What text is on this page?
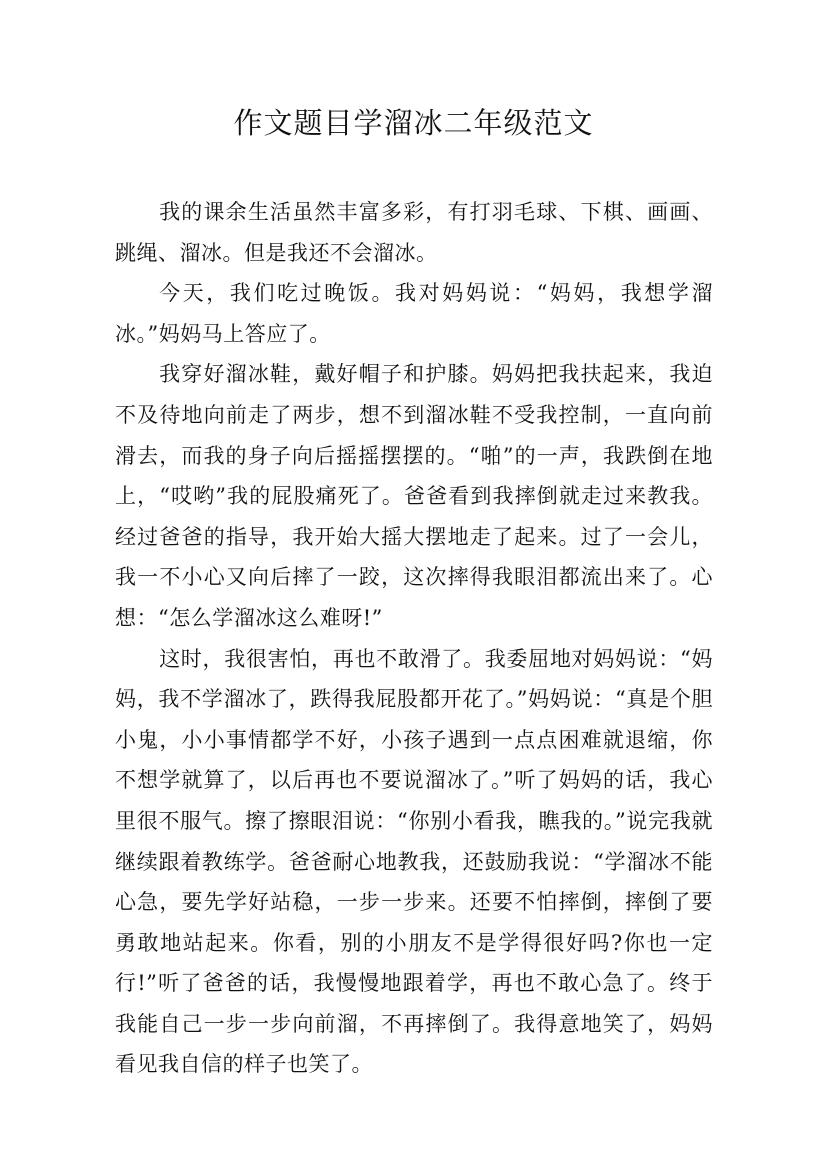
作文题目学溜冰二年级范文

我的课余生活虽然丰富多彩，有打羽毛球、下棋、画画、跳绳、溜冰。但是我还不会溜冰。

今天，我们吃过晚饭。我对妈妈说：“妈妈，我想学溜冰。”妈妈马上答应了。

我穿好溜冰鞋，戴好帽子和护膝。妈妈把我扶起来，我迫不及待地向前走了两步，想不到溜冰鞋不受我控制，一直向前滑去，而我的身子向后摇摇摆摆的。“啪”的一声，我跌倒在地上，“哎哟”我的屁股痛死了。爸爸看到我摔倒就走过来教我。经过爸爸的指导，我开始大摇大摆地走了起来。过了一会儿，我一不小心又向后摔了一跤，这次摔得我眼泪都流出来了。心想：“怎么学溜冰这么难呀!”

这时，我很害怕，再也不敢滑了。我委屈地对妈妈说：“妈妈，我不学溜冰了，跌得我屁股都开花了。”妈妈说：“真是个胆小鬼，小小事情都学不好，小孩子遇到一点点困难就退缩，你不想学就算了，以后再也不要说溜冰了。”听了妈妈的话，我心里很不服气。擦了擦眼泪说：“你别小看我，瞧我的。”说完我就继续跟着教练学。爸爸耐心地教我，还鼓励我说：“学溜冰不能心急，要先学好站稳，一步一步来。还要不怕摔倒，摔倒了要勇敢地站起来。你看，别的小朋友不是学得很好吗?你也一定行!”听了爸爸的话，我慢慢地跟着学，再也不敢心急了。终于我能自己一步一步向前溜，不再摔倒了。我得意地笑了，妈妈看见我自信的样子也笑了。
